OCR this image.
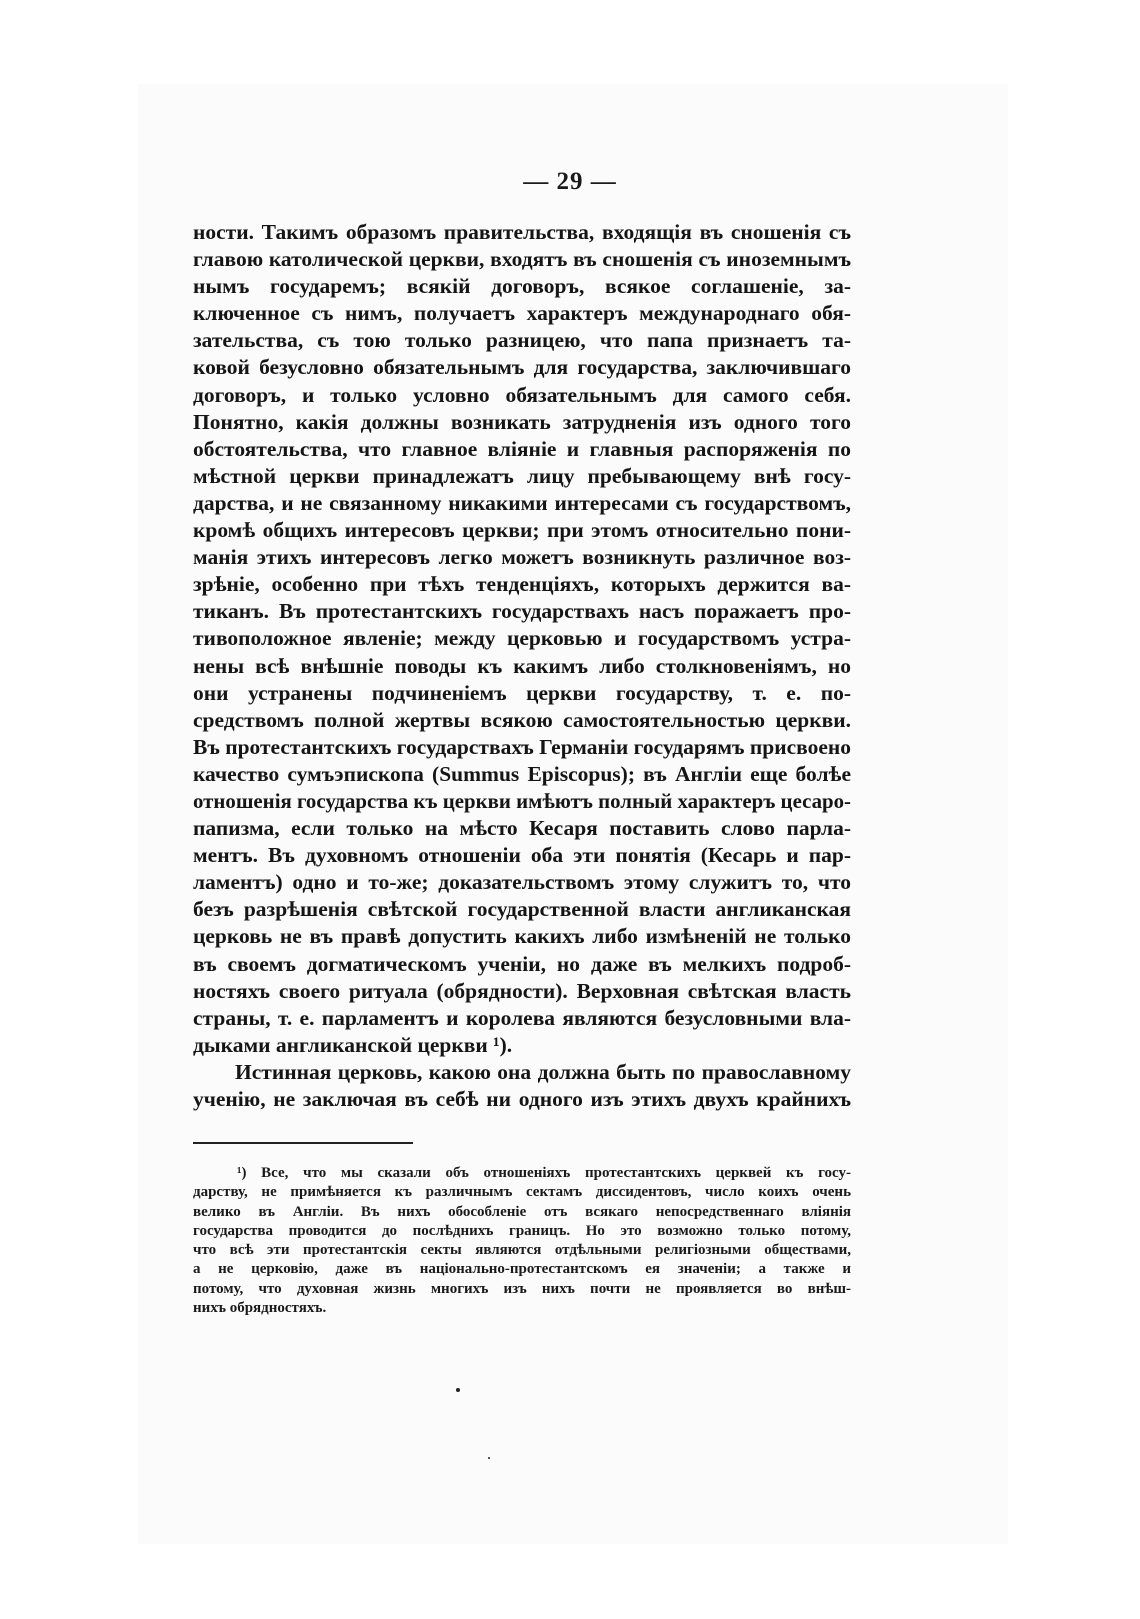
— 29 —
ности. Такимъ образомъ правительства, входящія въ сношенія съ
главою католической церкви, входятъ въ сношенія съ иноземнымъ
нымъ государемъ; всякій договоръ, всякое соглашеніе, за-
ключенное съ нимъ, получаетъ характеръ международнаго обя-
зательства, съ тою только разницею, что папа признаетъ та-
ковой безусловно обязательнымъ для государства, заключившаго
договоръ, и только условно обязательнымъ для самого себя.
Понятно, какія должны возникать затрудненія изъ одного того
обстоятельства, что главное вліяніе и главныя распоряженія по
мѣстной церкви принадлежатъ лицу пребывающему внѣ госу-
дарства, и не связанному никакими интересами съ государствомъ,
кромѣ общихъ интересовъ церкви; при этомъ относительно пони-
манія этихъ интересовъ легко можетъ возникнуть различное воз-
зрѣніе, особенно при тѣхъ тенденціяхъ, которыхъ держится ва-
тиканъ. Въ протестантскихъ государствахъ насъ поражаетъ про-
тивоположное явленіе; между церковью и государствомъ устра-
нены всѣ внѣшніе поводы къ какимъ либо столкновеніямъ, но
они устранены подчиненіемъ церкви государству, т. е. по-
средствомъ полной жертвы всякою самостоятельностью церкви.
Въ протестантскихъ государствахъ Германіи государямъ присвоено
качество сумъэпископа (Summus Episcopus); въ Англіи еще болѣе
отношенія государства къ церкви имѣютъ полный характеръ цесаро-
папизма, если только на мѣсто Кесаря поставить слово парла-
ментъ. Въ духовномъ отношеніи оба эти понятія (Кесарь и пар-
ламентъ) одно и то-же; доказательствомъ этому служитъ то, что
безъ разрѣшенія свѣтской государственной власти англиканская
церковь не въ правѣ допустить какихъ либо измѣненій не только
въ своемъ догматическомъ ученіи, но даже въ мелкихъ подроб-
ностяхъ своего ритуала (обрядности). Верховная свѣтская власть
страны, т. е. парламентъ и королева являются безусловными вла-
дыками англиканской церкви ¹).
Истинная церковь, какою она должна быть по православному
ученію, не заключая въ себѣ ни одного изъ этихъ двухъ крайнихъ
¹) Все, что мы сказали объ отношеніяхъ протестантскихъ церквей къ госу-
дарству, не примѣняется къ различнымъ сектамъ диссидентовъ, число коихъ очень
велико въ Англіи. Въ нихъ обособленіе отъ всякаго непосредственнаго вліянія
государства проводится до послѣднихъ границъ. Но это возможно только потому,
что всѣ эти протестантскія секты являются отдѣльными религіозными обществами,
а не церковію, даже въ національно-протестантскомъ ея значеніи; а также и
потому, что духовная жизнь многихъ изъ нихъ почти не проявляется во внѣш-
нихъ обрядностяхъ.
